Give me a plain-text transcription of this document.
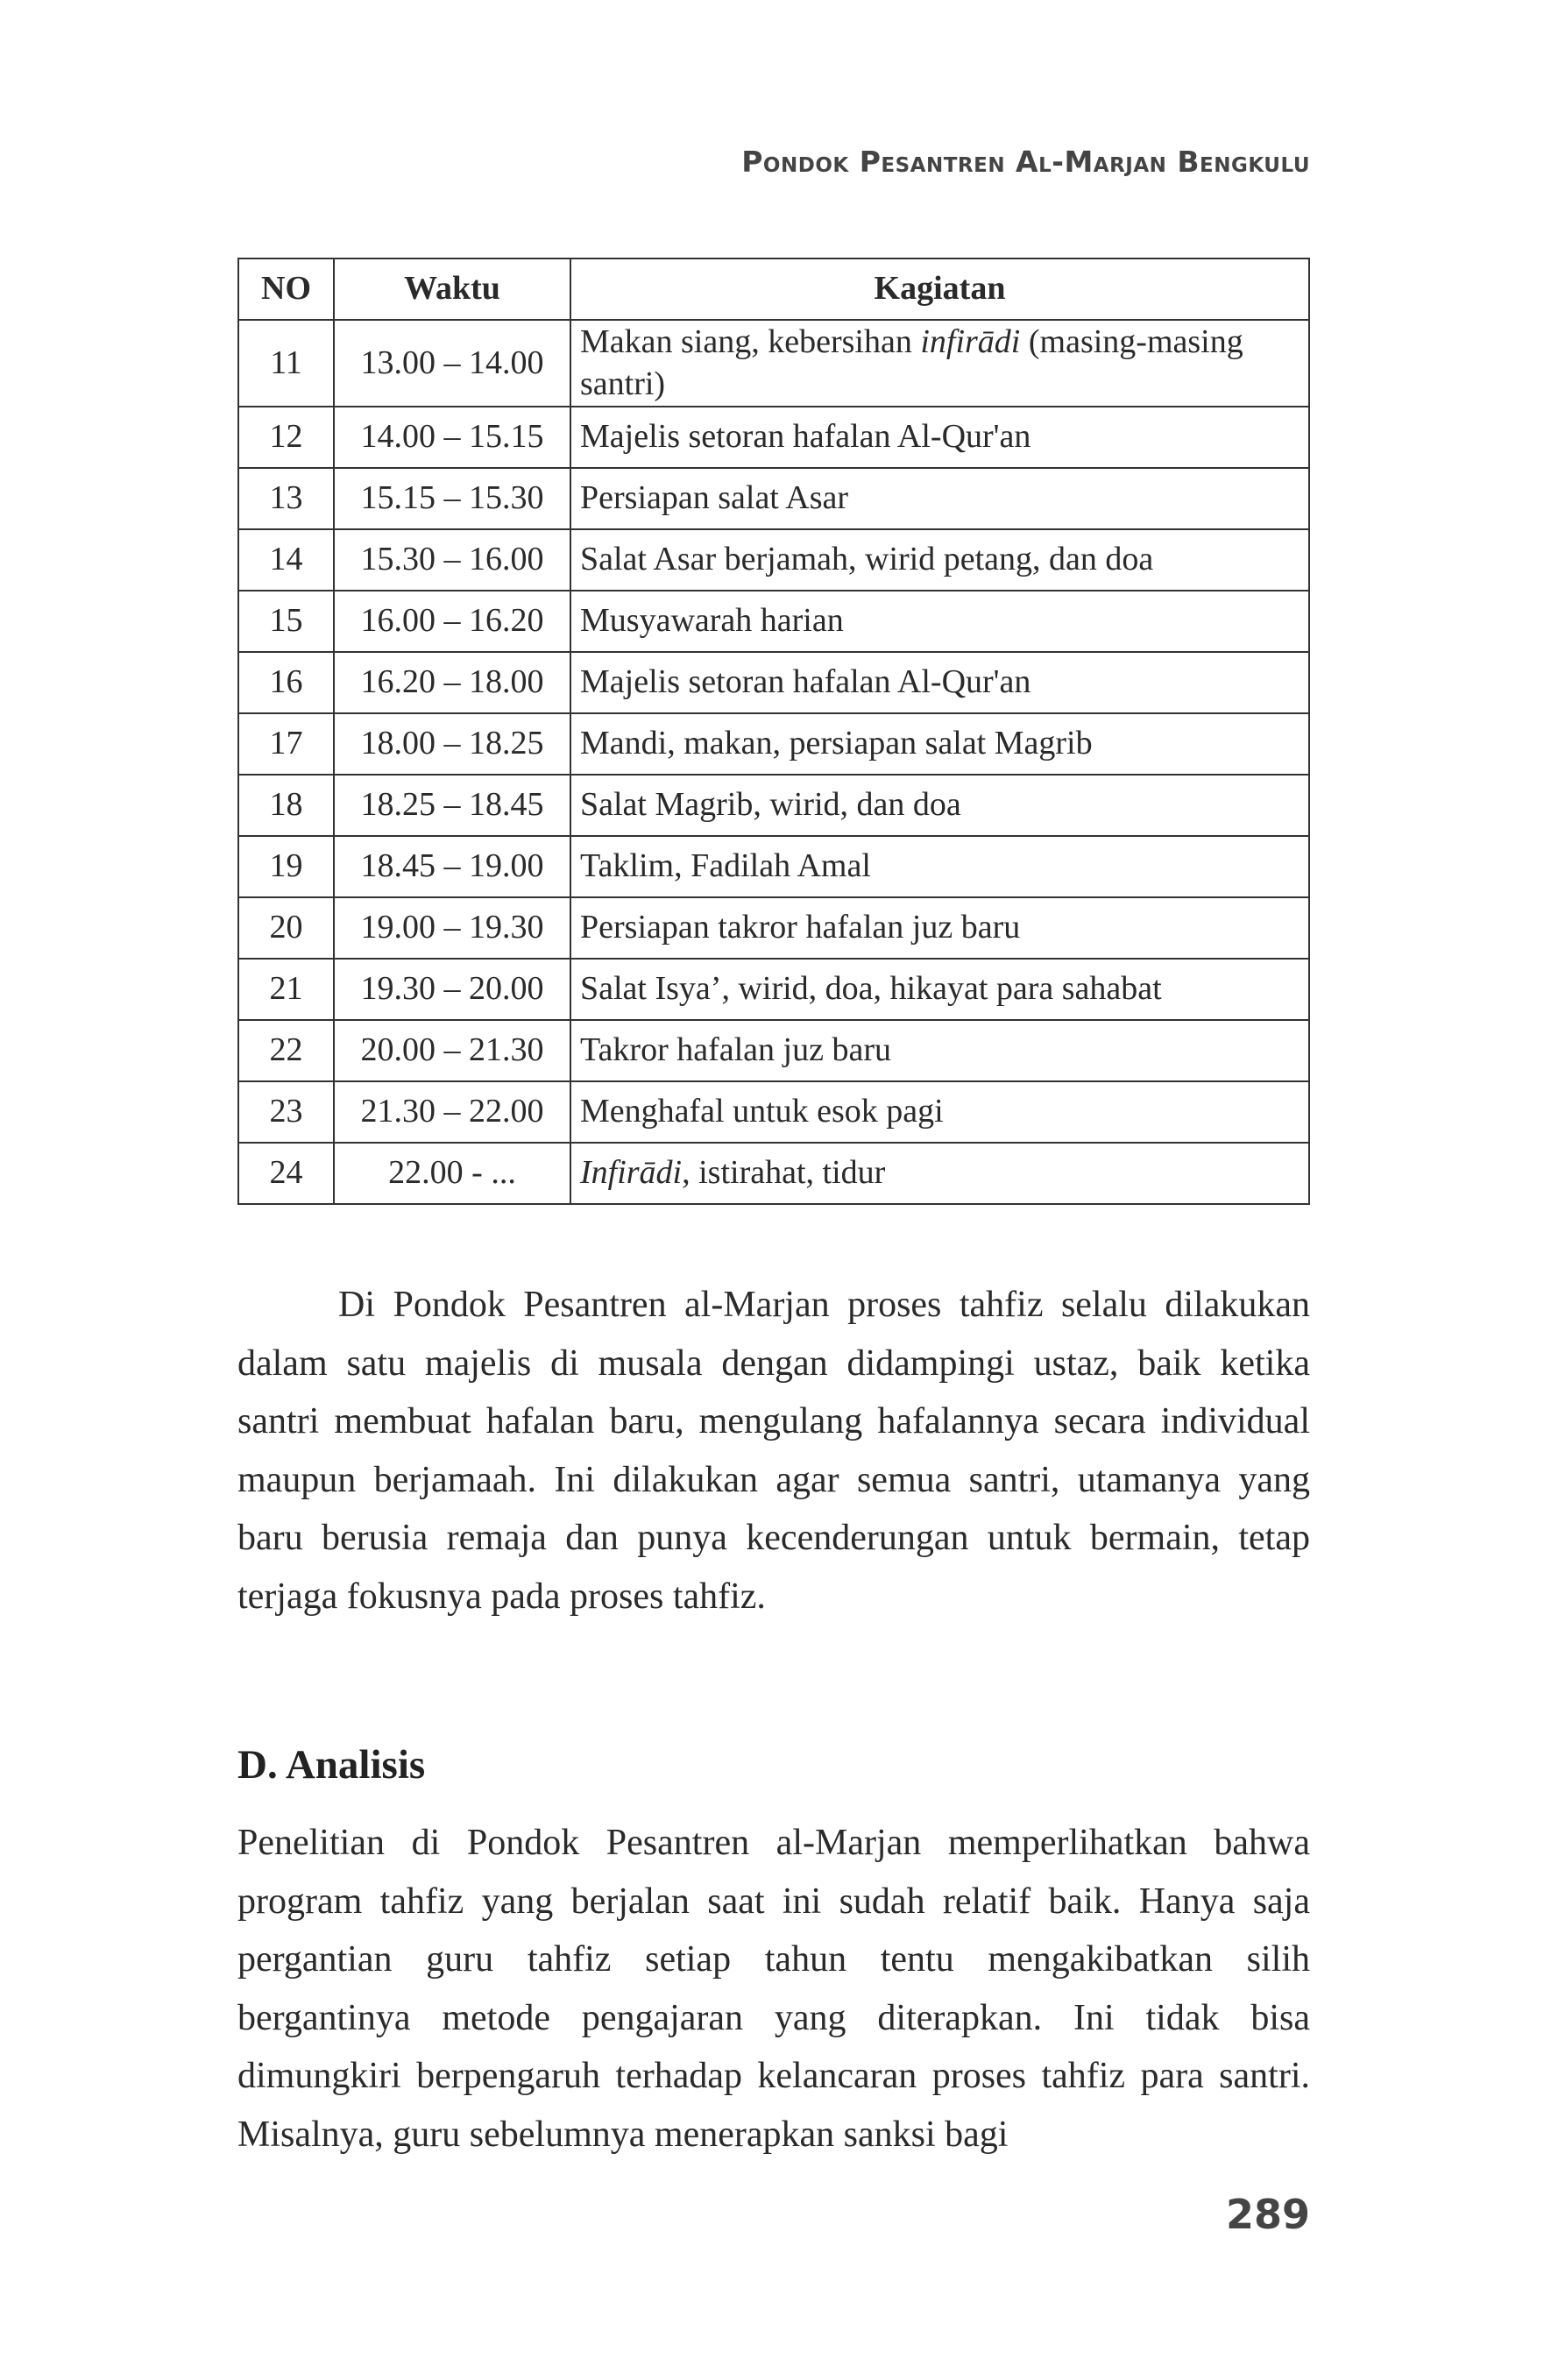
Pondok Pesantren Al-Marjan Bengkulu
NO	Waktu	Kagiatan
11	13.00 – 14.00	Makan siang, kebersihan infirādi (masing-masing santri)
12	14.00 – 15.15	Majelis setoran hafalan Al-Qur'an
13	15.15 – 15.30	Persiapan salat Asar
14	15.30 – 16.00	Salat Asar berjamah, wirid petang, dan doa
15	16.00 – 16.20	Musyawarah harian
16	16.20 – 18.00	Majelis setoran hafalan Al-Qur'an
17	18.00 – 18.25	Mandi, makan, persiapan salat Magrib
18	18.25 – 18.45	Salat Magrib, wirid, dan doa
19	18.45 – 19.00	Taklim, Fadilah Amal
20	19.00 – 19.30	Persiapan takror hafalan juz baru
21	19.30 – 20.00	Salat Isya’, wirid, doa, hikayat para sahabat
22	20.00 – 21.30	Takror hafalan juz baru
23	21.30 – 22.00	Menghafal untuk esok pagi
24	22.00 - ...	Infirādi, istirahat, tidur

Di Pondok Pesantren al-Marjan proses tahfiz selalu dilakukan dalam satu majelis di musala dengan didampingi ustaz, baik ketika santri membuat hafalan baru, mengulang hafalannya secara individual maupun berjamaah. Ini dilakukan agar semua santri, utamanya yang baru berusia remaja dan punya kecenderungan untuk bermain, tetap terjaga fokusnya pada proses tahfiz.

D. Analisis

Penelitian di Pondok Pesantren al-Marjan memperlihatkan bahwa program tahfiz yang berjalan saat ini sudah relatif baik. Hanya saja pergantian guru tahfiz setiap tahun tentu mengakibatkan silih bergantinya metode pengajaran yang diterapkan. Ini tidak bisa dimungkiri berpengaruh terhadap kelancaran proses tahfiz para santri. Misalnya, guru sebelumnya menerapkan sanksi bagi

289
